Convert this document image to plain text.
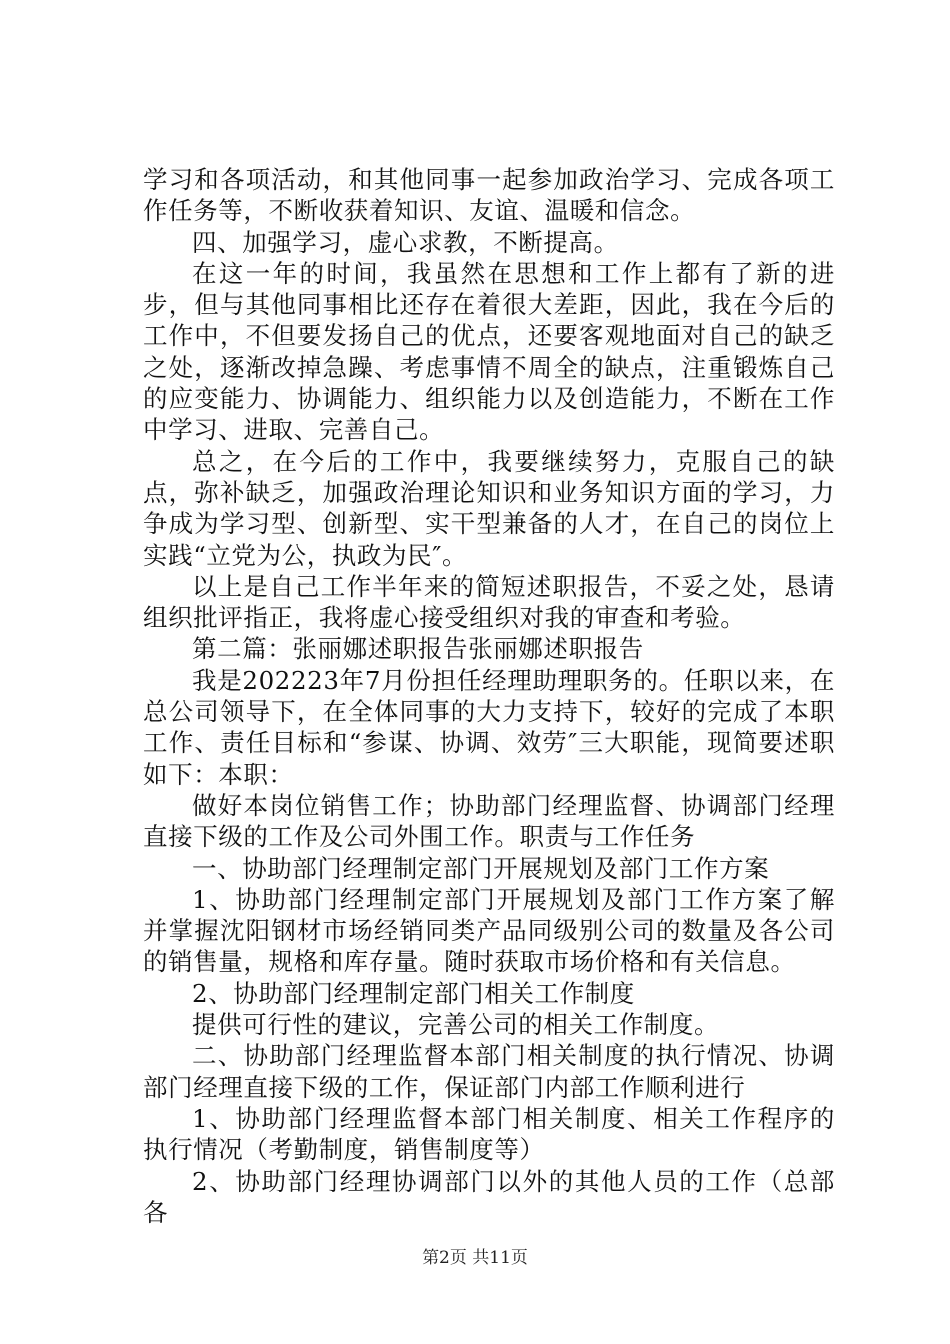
学习和各项活动，和其他同事一起参加政治学习、完成各项工作任务等，不断收获着知识、友谊、温暖和信念。

四、加强学习，虚心求教，不断提高。

在这一年的时间，我虽然在思想和工作上都有了新的进步，但与其他同事相比还存在着很大差距，因此，我在今后的工作中，不但要发扬自己的优点，还要客观地面对自己的缺乏之处，逐渐改掉急躁、考虑事情不周全的缺点，注重锻炼自己的应变能力、协调能力、组织能力以及创造能力，不断在工作中学习、进取、完善自己。

总之，在今后的工作中，我要继续努力，克服自己的缺点，弥补缺乏，加强政治理论知识和业务知识方面的学习，力争成为学习型、创新型、实干型兼备的人才，在自己的岗位上实践“立党为公，执政为民″。

以上是自己工作半年来的简短述职报告，不妥之处，恳请组织批评指正，我将虚心接受组织对我的审查和考验。

第二篇：张丽娜述职报告张丽娜述职报告

我是202223年7月份担任经理助理职务的。任职以来，在总公司领导下，在全体同事的大力支持下，较好的完成了本职工作、责任目标和“参谋、协调、效劳″三大职能，现简要述职如下：本职：

做好本岗位销售工作；协助部门经理监督、协调部门经理直接下级的工作及公司外围工作。职责与工作任务

一、协助部门经理制定部门开展规划及部门工作方案

1、协助部门经理制定部门开展规划及部门工作方案了解并掌握沈阳钢材市场经销同类产品同级别公司的数量及各公司的销售量，规格和库存量。随时获取市场价格和有关信息。

2、协助部门经理制定部门相关工作制度

提供可行性的建议，完善公司的相关工作制度。

二、协助部门经理监督本部门相关制度的执行情况、协调部门经理直接下级的工作，保证部门内部工作顺利进行

1、协助部门经理监督本部门相关制度、相关工作程序的执行情况（考勤制度，销售制度等）

2、协助部门经理协调部门以外的其他人员的工作（总部各

第2页 共11页
